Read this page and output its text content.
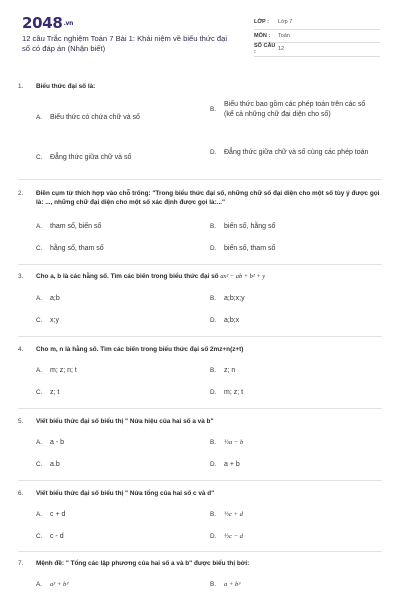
2048.vn
12 câu Trắc nghiệm Toán 7 Bài 1: Khái niệm về biểu thức đại số có đáp án (Nhận biết)
LỚP :	Lớp 7
MÔN :	Toán
SỐ CÂU :	12
1.	Biểu thức đại số là:
A.	Biểu thức có chứa chữ và số
B.
Biểu thức bao gồm các phép toán trên các số (kể cả những chữ đại diện cho số)
C.	Đẳng thức giữa chữ và số
D.	Đẳng thức giữa chữ và số cùng các phép toán
2.	Điền cụm từ thích hợp vào chỗ trống: "Trong biểu thức đại số, những chữ số đại diện cho một số tùy ý được gọi là: ..., những chữ đại diện cho một số xác định được gọi là:..."
A.	tham số, biến số	B.	biến số, hằng số
C.	hằng số, tham số	D.	biến số, tham số
3.	Cho a, b là các hằng số. Tìm các biến trong biểu thức đại số ax² − ab + b² + y
A.	a;b	B.	a;b;x;y
C.	x;y	D.	a;b;x
4.	Cho m, n là hằng số. Tìm các biến trong biểu thức đại số 2mz+n(z+t)
A.	m; z; n; t	B.	z; n
C.	z; t	D.	m; z; t
5.	Viết biểu thức đại số biểu thị " Nửa hiệu của hai số a và b"
A.	a - b	B.	½a − b
C.	a.b	D.	a + b
6.	Viết biểu thức đại số biểu thị " Nửa tổng của hai số c và d"
A.	c + d	B.	½c + d
C.	c - d	D.	½c − d
7.	Mệnh đề: " Tổng các lập phương của hai số a và b" được biểu thị bởi:
A.	a³ + b³	B.	a + b³
